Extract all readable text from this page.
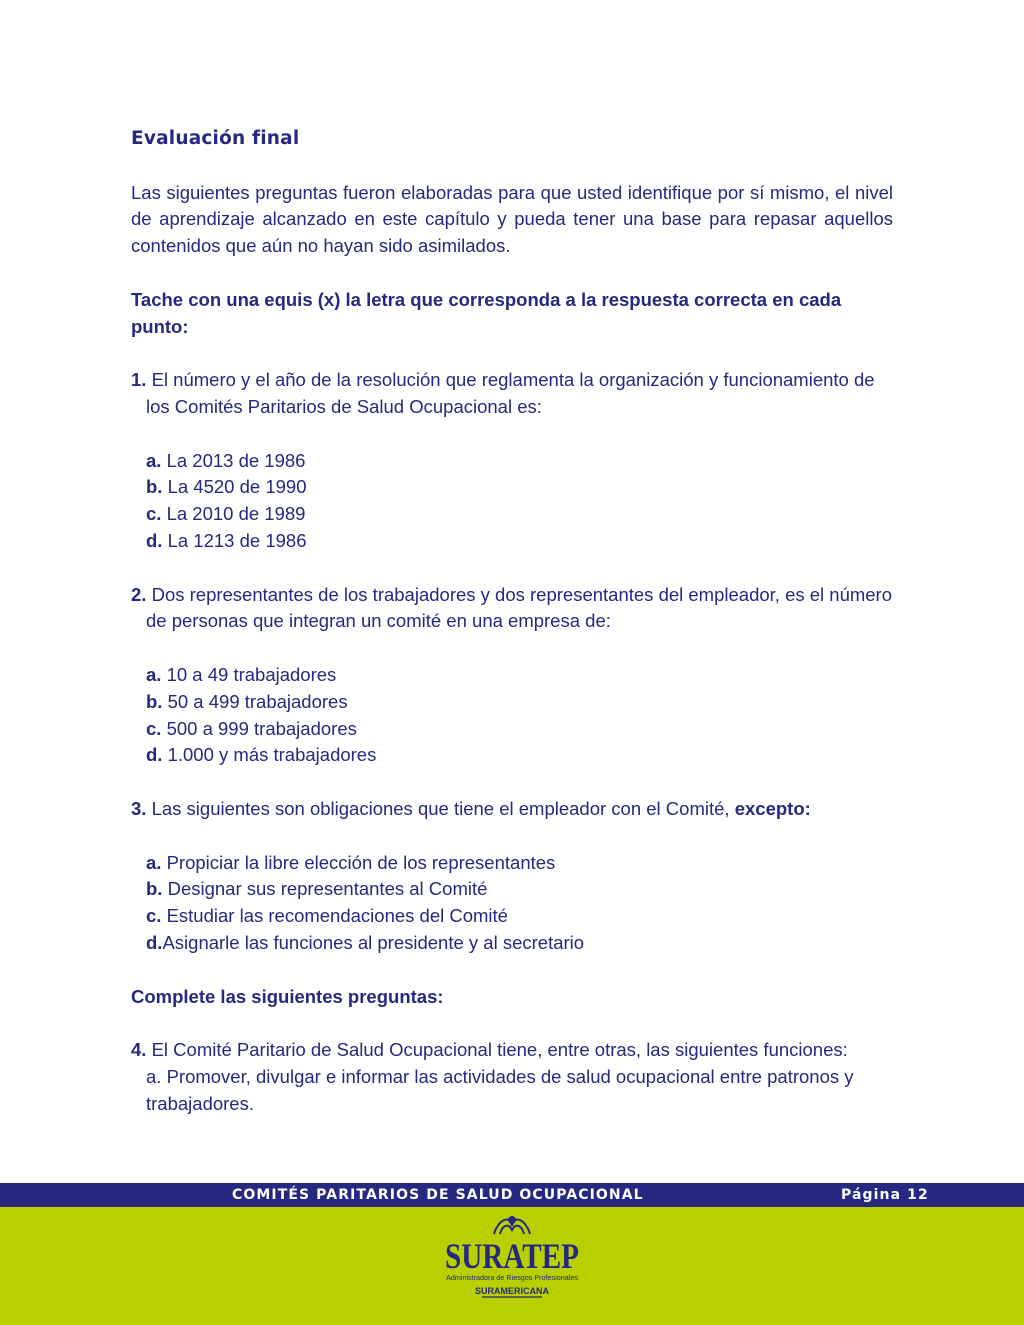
Evaluación final

Las siguientes preguntas fueron elaboradas para que usted identifique por sí mismo, el nivel de aprendizaje alcanzado en este capítulo y pueda tener una base para repasar aquellos contenidos que aún no hayan sido asimilados.

Tache con una equis (x) la letra que corresponda a la respuesta correcta en cada punto:

1. El número y el año de la resolución que reglamenta la organización y funcionamiento de los Comités Paritarios de Salud Ocupacional es:

a. La 2013 de 1986
b. La 4520 de 1990
c. La 2010 de 1989
d. La 1213 de 1986

2. Dos representantes de los trabajadores y dos representantes del empleador, es el número de personas que integran un comité en una empresa de:

a. 10 a 49 trabajadores
b. 50 a 499 trabajadores
c. 500 a 999 trabajadores
d. 1.000 y más trabajadores

3. Las siguientes son obligaciones que tiene el empleador con el Comité, excepto:

a. Propiciar la libre elección de los representantes
b. Designar sus representantes al Comité
c. Estudiar las recomendaciones del Comité
d.Asignarle las funciones al presidente y al secretario

Complete las siguientes preguntas:

4. El Comité Paritario de Salud Ocupacional tiene, entre otras, las siguientes funciones:

a. Promover, divulgar e informar las actividades de salud ocupacional entre patronos y trabajadores.

COMITÉS PARITARIOS DE SALUD OCUPACIONAL	Página 12
SURATEP
Administradora de Riesgos Profesionales
SURAMERICANA
